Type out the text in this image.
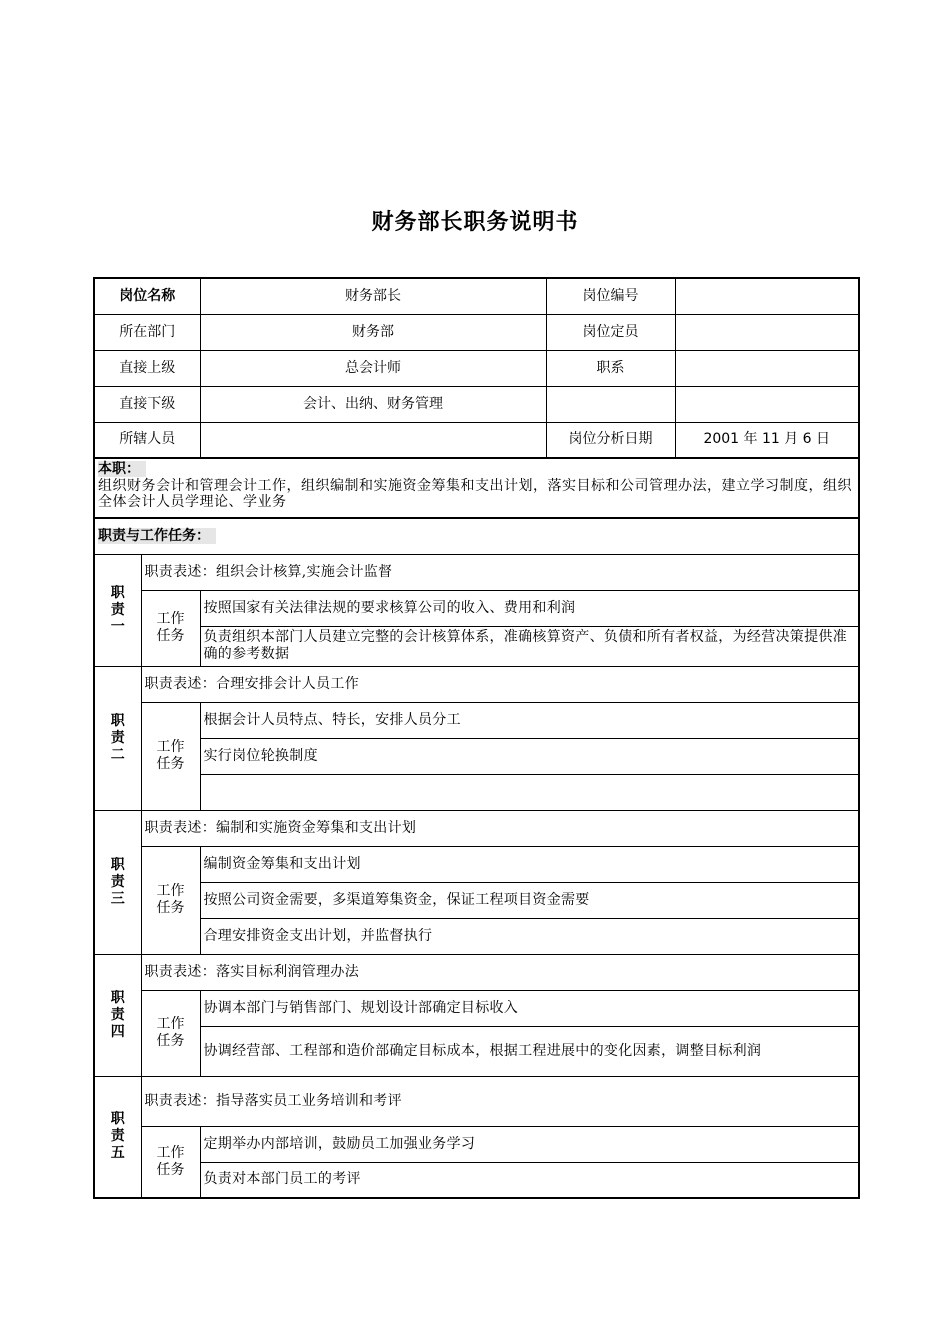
财务部长职务说明书
岗位名称		财务部长	岗位编号	
所在部门		财务部	岗位定员	
直接上级		总会计师	职系	
直接下级		会计、出纳、财务管理		
所辖人员			岗位分析日期	2001 年 11 月 6 日

本职：
组织财务会计和管理会计工作，组织编制和实施资金筹集和支出计划，落实目标和公司管理办法，建立学习制度，组织全体会计人员学理论、学业务				

职责与工作任务：				

职
责
一	职责表述：组织会计核算,实施会计监督			

	工作
任务	按照国家有关法律法规的要求核算公司的收入、费用和利润		
		负责组织本部门人员建立完整的会计核算体系，准确核算资产、负债和所有者权益，为经营决策提供准确的参考数据		

职
责
二	职责表述：合理安排会计人员工作			

	工作
任务	根据会计人员特点、特长，安排人员分工		
		实行岗位轮换制度		

职
责
三	职责表述：编制和实施资金筹集和支出计划			

	工作
任务	编制资金筹集和支出计划		
		按照公司资金需要，多渠道筹集资金，保证工程项目资金需要		
		合理安排资金支出计划，并监督执行		

职
责
四	职责表述：落实目标利润管理办法			

	工作
任务	协调本部门与销售部门、规划设计部确定目标收入		
		协调经营部、工程部和造价部确定目标成本，根据工程进展中的变化因素，调整目标利润		

职
责
五	职责表述：指导落实员工业务培训和考评			

	工作
任务	定期举办内部培训，鼓励员工加强业务学习		
		负责对本部门员工的考评		
